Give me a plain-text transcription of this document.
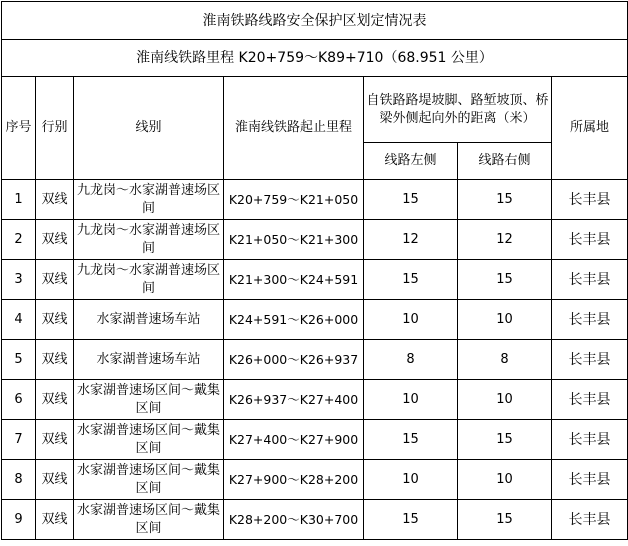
淮南铁路线路安全保护区划定情况表						
淮南线铁路里程 K20+759～K89+710（68.951 公里）						
序号	行别	线别	淮南线铁路起止里程	自铁路路堤坡脚、路堑坡顶、桥梁外侧起向外的距离（米）		所属地
				线路左侧	线路右侧	
1	双线	九龙岗～水家湖普速场区间	K20+759～K21+050	15	15	长丰县
2	双线	九龙岗～水家湖普速场区间	K21+050～K21+300	12	12	长丰县
3	双线	九龙岗～水家湖普速场区间	K21+300～K24+591	15	15	长丰县
4	双线	水家湖普速场车站	K24+591～K26+000	10	10	长丰县
5	双线	水家湖普速场车站	K26+000～K26+937	8	8	长丰县
6	双线	水家湖普速场区间～戴集区间	K26+937～K27+400	10	10	长丰县
7	双线	水家湖普速场区间～戴集区间	K27+400～K27+900	15	15	长丰县
8	双线	水家湖普速场区间～戴集区间	K27+900～K28+200	10	10	长丰县
9	双线	水家湖普速场区间～戴集区间	K28+200～K30+700	15	15	长丰县
